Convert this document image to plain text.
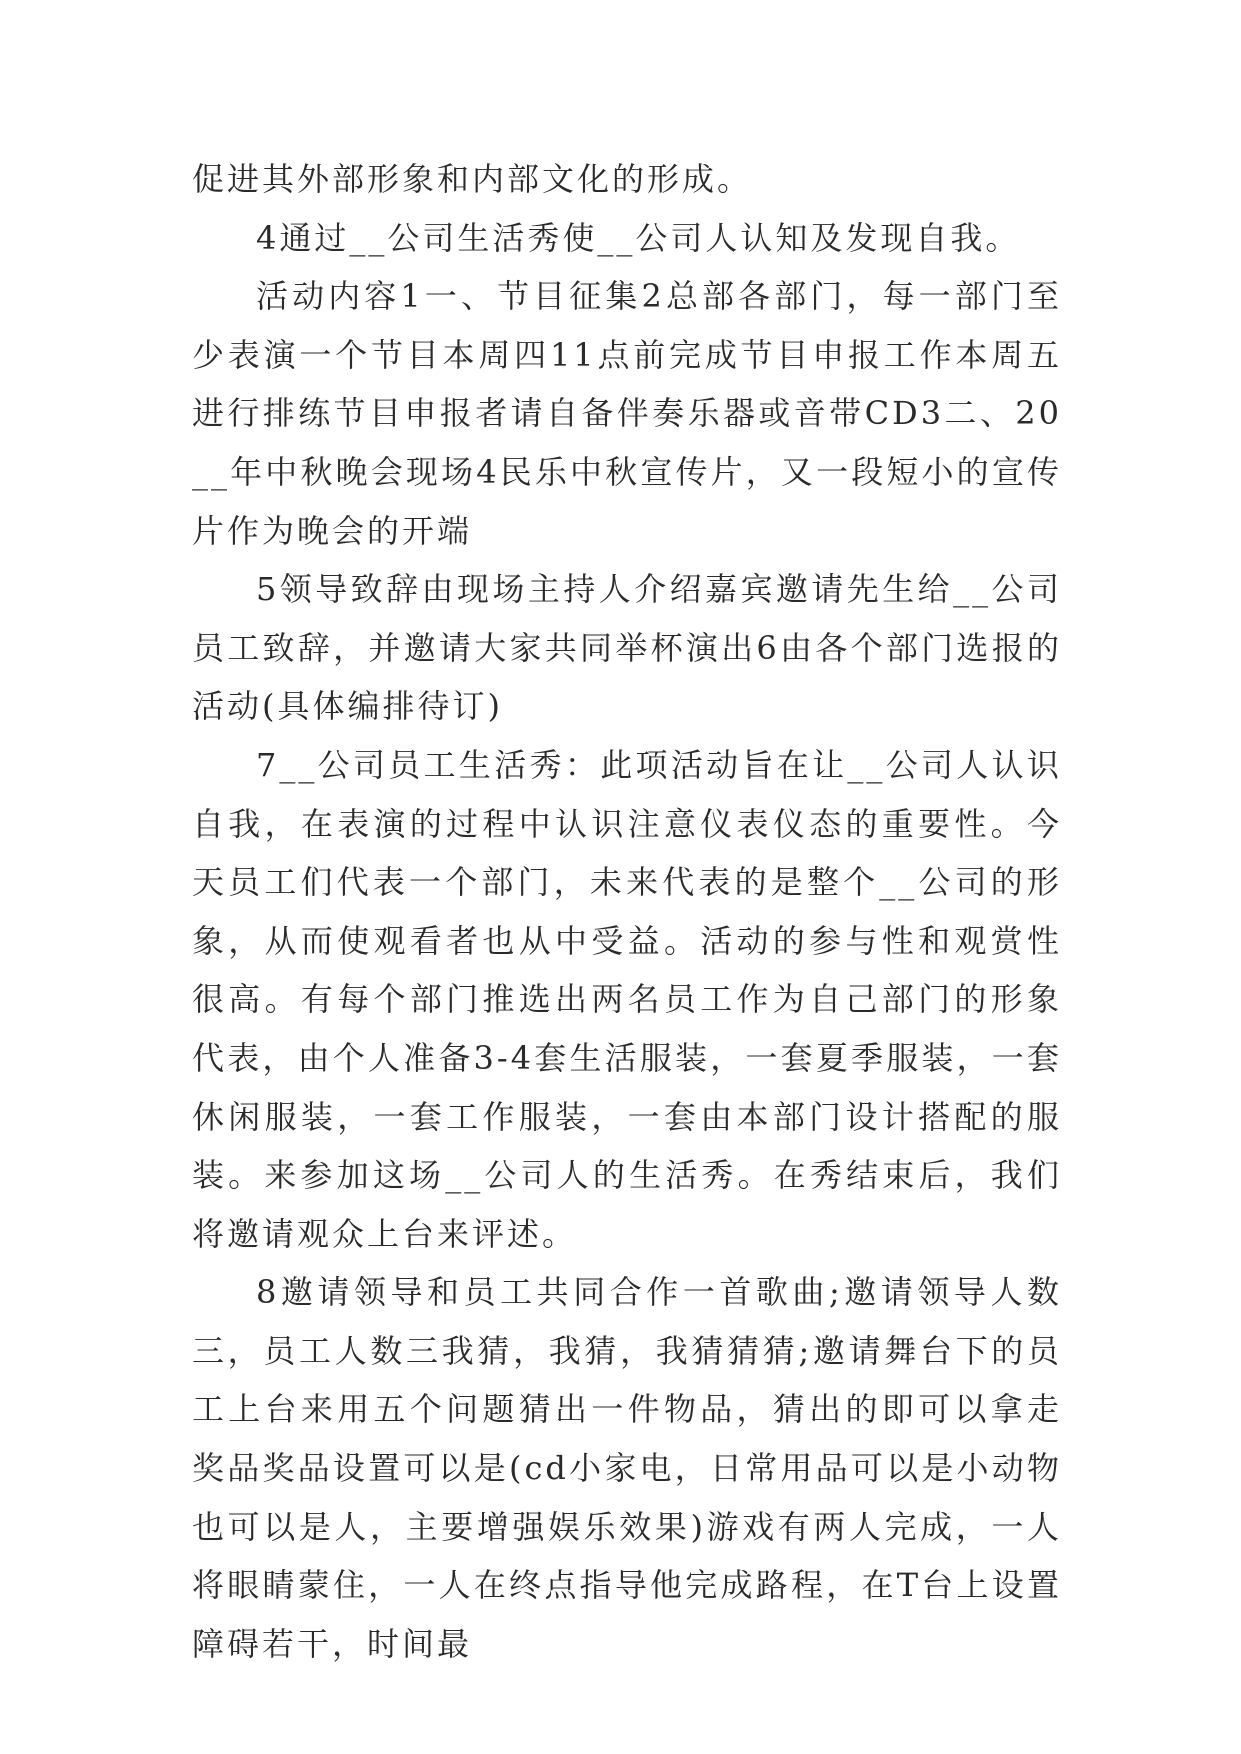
促进其外部形象和内部文化的形成。

4通过__公司生活秀使__公司人认知及发现自我。

活动内容1一、节目征集2总部各部门，每一部门至少表演一个节目本周四11点前完成节目申报工作本周五进行排练节目申报者请自备伴奏乐器或音带CD3二、20__年中秋晚会现场4民乐中秋宣传片，又一段短小的宣传片作为晚会的开端

5领导致辞由现场主持人介绍嘉宾邀请先生给__公司员工致辞，并邀请大家共同举杯演出6由各个部门选报的活动(具体编排待订)

7__公司员工生活秀：此项活动旨在让__公司人认识自我，在表演的过程中认识注意仪表仪态的重要性。今天员工们代表一个部门，未来代表的是整个__公司的形象，从而使观看者也从中受益。活动的参与性和观赏性很高。有每个部门推选出两名员工作为自己部门的形象代表，由个人准备3-4套生活服装，一套夏季服装，一套休闲服装，一套工作服装，一套由本部门设计搭配的服装。来参加这场__公司人的生活秀。在秀结束后，我们将邀请观众上台来评述。

8邀请领导和员工共同合作一首歌曲;邀请领导人数三，员工人数三我猜，我猜，我猜猜猜;邀请舞台下的员工上台来用五个问题猜出一件物品，猜出的即可以拿走奖品奖品设置可以是(cd小家电，日常用品可以是小动物也可以是人，主要增强娱乐效果)游戏有两人完成，一人将眼睛蒙住，一人在终点指导他完成路程，在T台上设置障碍若干，时间最
